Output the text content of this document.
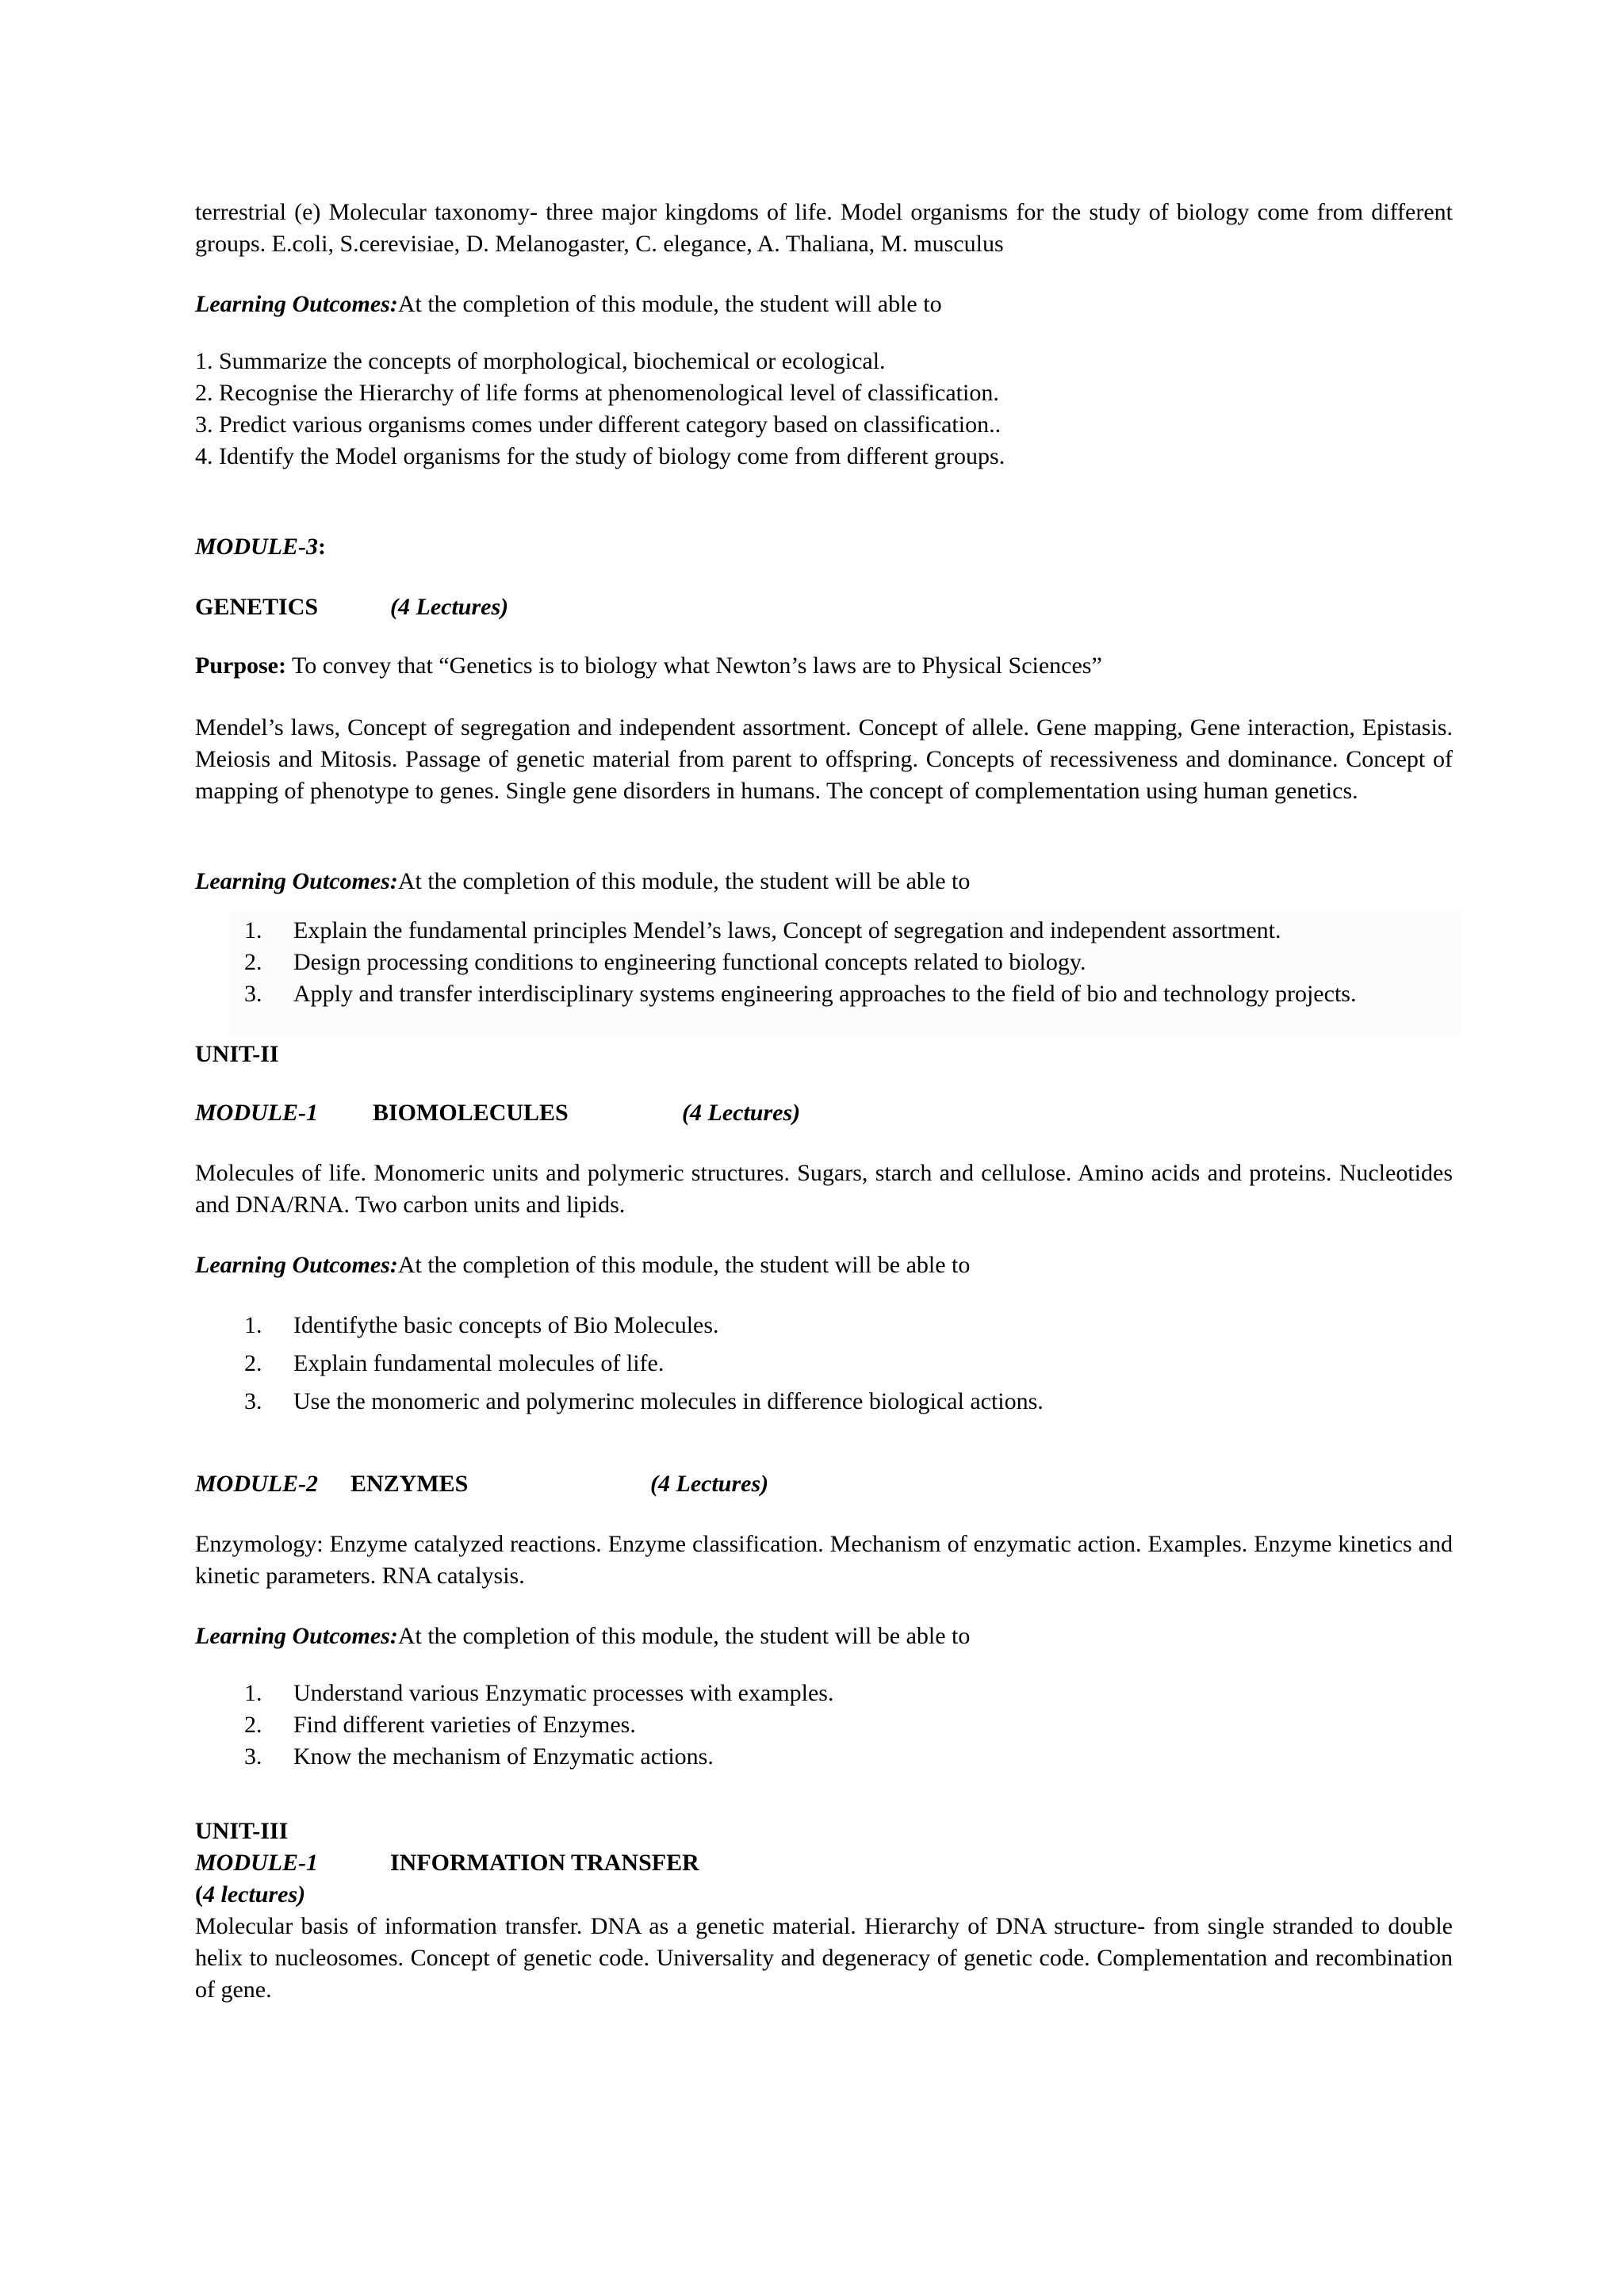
terrestrial (e) Molecular taxonomy- three major kingdoms of life. Model organisms for the study of biology come from different groups. E.coli, S.cerevisiae, D. Melanogaster, C. elegance, A. Thaliana, M. musculus
Learning Outcomes:At the completion of this module, the student will able to
1. Summarize the concepts of morphological, biochemical or ecological.
2. Recognise the Hierarchy of life forms at phenomenological level of classification.
3. Predict various organisms comes under different category based on classification..
4. Identify the Model organisms for the study of biology come from different groups.
MODULE-3:
GENETICS	(4 Lectures)
Purpose: To convey that “Genetics is to biology what Newton’s laws are to Physical Sciences”
Mendel’s laws, Concept of segregation and independent assortment. Concept of allele. Gene mapping, Gene interaction, Epistasis. Meiosis and Mitosis. Passage of genetic material from parent to offspring. Concepts of recessiveness and dominance. Concept of mapping of phenotype to genes. Single gene disorders in humans. The concept of complementation using human genetics.
Learning Outcomes:At the completion of this module, the student will be able to
1. Explain the fundamental principles Mendel’s laws, Concept of segregation and independent assortment.
2. Design processing conditions to engineering functional concepts related to biology.
3. Apply and transfer interdisciplinary systems engineering approaches to the field of bio and technology projects.
UNIT-II
MODULE-1 BIOMOLECULES	(4 Lectures)
Molecules of life. Monomeric units and polymeric structures. Sugars, starch and cellulose. Amino acids and proteins. Nucleotides and DNA/RNA. Two carbon units and lipids.
Learning Outcomes:At the completion of this module, the student will be able to
1. Identifythe basic concepts of Bio Molecules.
2. Explain fundamental molecules of life.
3. Use the monomeric and polymerinc molecules in difference biological actions.
MODULE-2 ENZYMES	(4 Lectures)
Enzymology: Enzyme catalyzed reactions. Enzyme classification. Mechanism of enzymatic action. Examples. Enzyme kinetics and kinetic parameters. RNA catalysis.
Learning Outcomes:At the completion of this module, the student will be able to
1. Understand various Enzymatic processes with examples.
2. Find different varieties of Enzymes.
3. Know the mechanism of Enzymatic actions.
UNIT-III
MODULE-1	INFORMATION TRANSFER
(4 lectures)
Molecular basis of information transfer. DNA as a genetic material. Hierarchy of DNA structure- from single stranded to double helix to nucleosomes. Concept of genetic code. Universality and degeneracy of genetic code. Complementation and recombination of gene.
